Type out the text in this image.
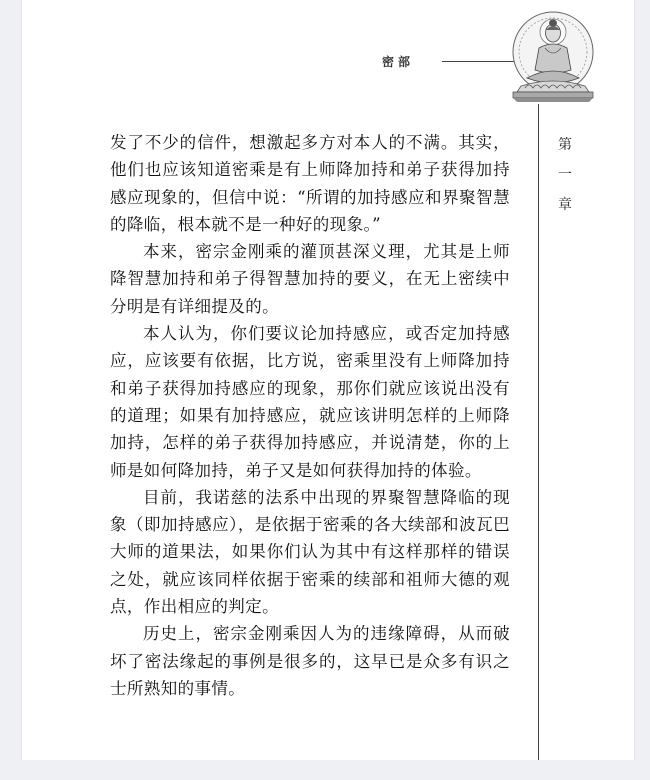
密部
第
一
章

发了不少的信件，想激起多方对本人的不满。其实，他们也应该知道密乘是有上师降加持和弟子获得加持感应现象的，但信中说：“所谓的加持感应和界聚智慧的降临，根本就不是一种好的现象。”

本来，密宗金刚乘的灌顶甚深义理，尤其是上师降智慧加持和弟子得智慧加持的要义，在无上密续中分明是有详细提及的。

本人认为，你们要议论加持感应，或否定加持感应，应该要有依据，比方说，密乘里没有上师降加持和弟子获得加持感应的现象，那你们就应该说出没有的道理；如果有加持感应，就应该讲明怎样的上师降加持，怎样的弟子获得加持感应，并说清楚，你的上师是如何降加持，弟子又是如何获得加持的体验。

目前，我诺慈的法系中出现的界聚智慧降临的现象（即加持感应），是依据于密乘的各大续部和波瓦巴大师的道果法，如果你们认为其中有这样那样的错误之处，就应该同样依据于密乘的续部和祖师大德的观点，作出相应的判定。

历史上，密宗金刚乘因人为的违缘障碍，从而破坏了密法缘起的事例是很多的，这早已是众多有识之士所熟知的事情。
